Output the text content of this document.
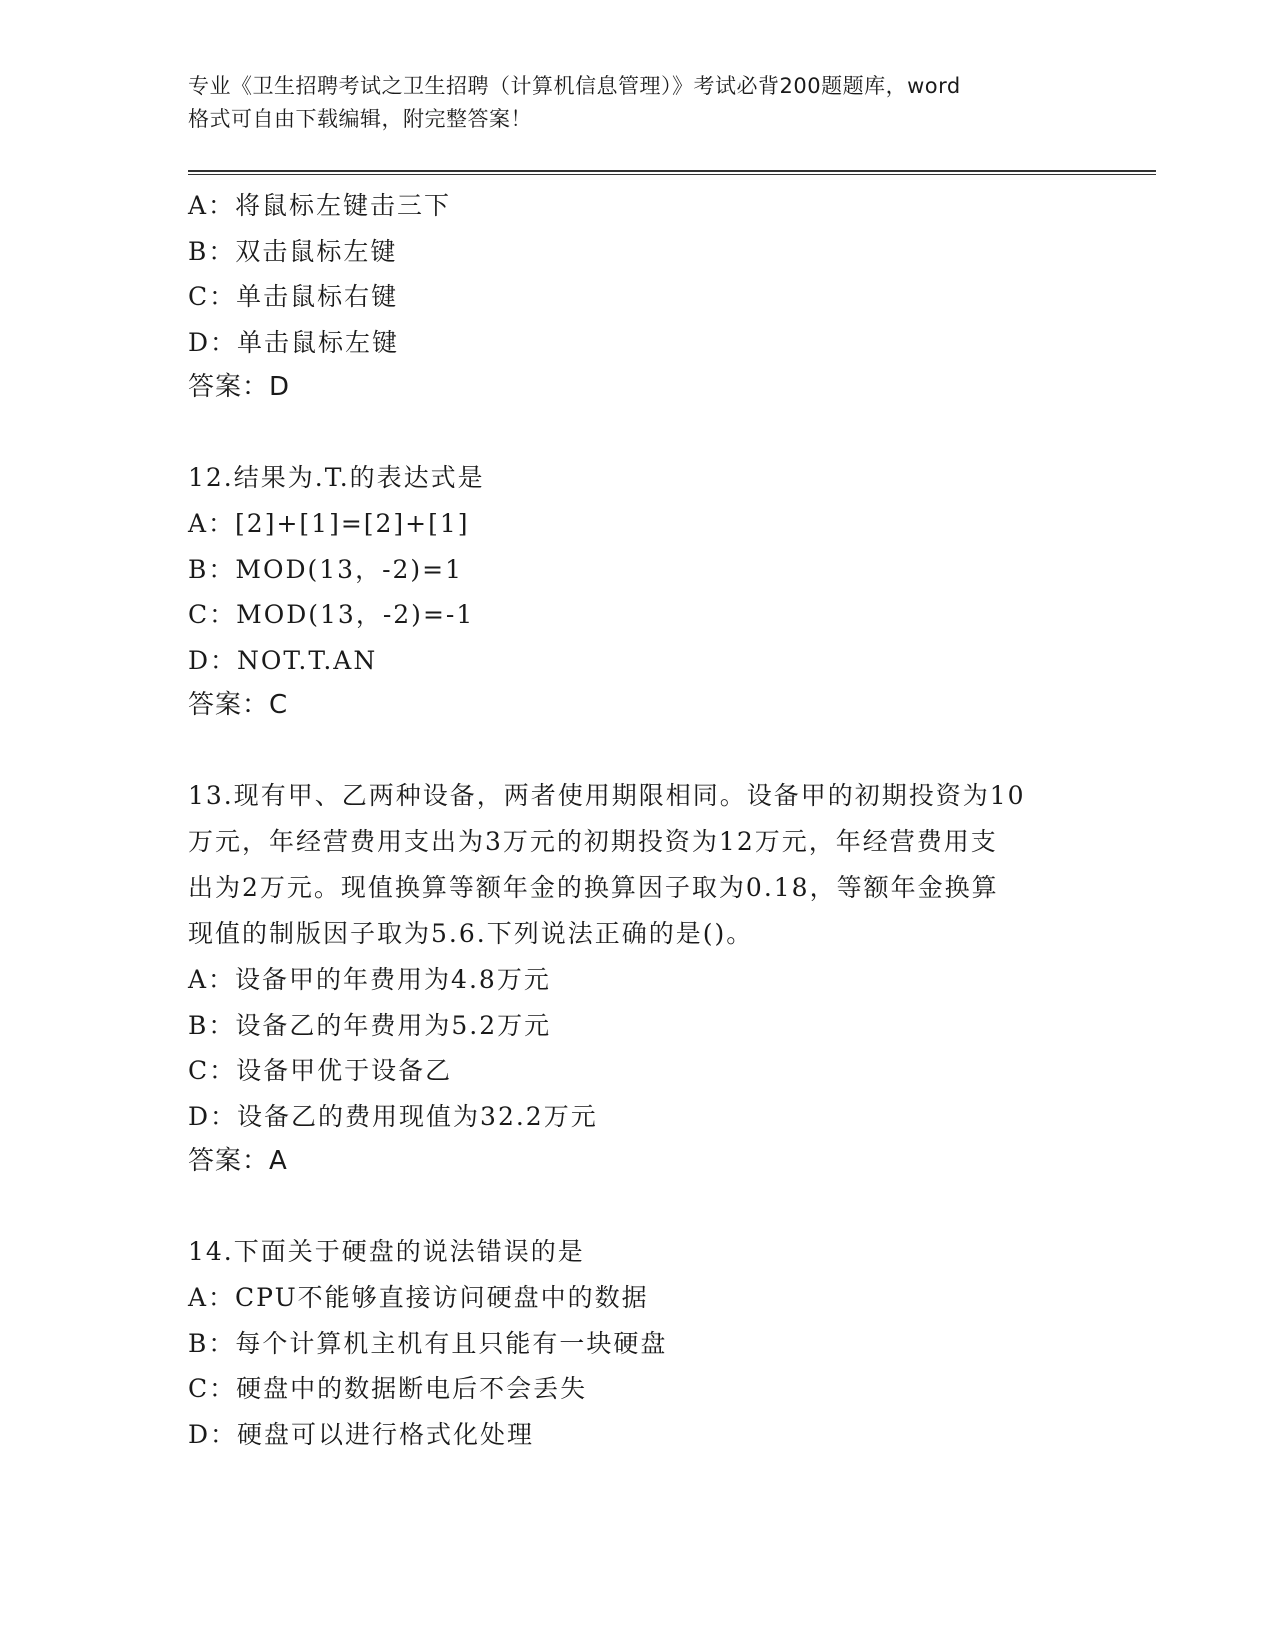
专业《卫生招聘考试之卫生招聘（计算机信息管理）》考试必背200题题库，word
格式可自由下载编辑，附完整答案！
A：将鼠标左键击三下
B：双击鼠标左键
C：单击鼠标右键
D：单击鼠标左键
答案：D
12.结果为.T.的表达式是
A：[2]+[1]=[2]+[1]
B：MOD(13，-2)=1
C：MOD(13，-2)=-1
D：NOT.T.AN
答案：C
13.现有甲、乙两种设备，两者使用期限相同。设备甲的初期投资为10
万元，年经营费用支出为3万元的初期投资为12万元，年经营费用支
出为2万元。现值换算等额年金的换算因子取为0.18，等额年金换算
现值的制版因子取为5.6.下列说法正确的是()。
A：设备甲的年费用为4.8万元
B：设备乙的年费用为5.2万元
C：设备甲优于设备乙
D：设备乙的费用现值为32.2万元
答案：A
14.下面关于硬盘的说法错误的是
A：CPU不能够直接访问硬盘中的数据
B：每个计算机主机有且只能有一块硬盘
C：硬盘中的数据断电后不会丢失
D：硬盘可以进行格式化处理
